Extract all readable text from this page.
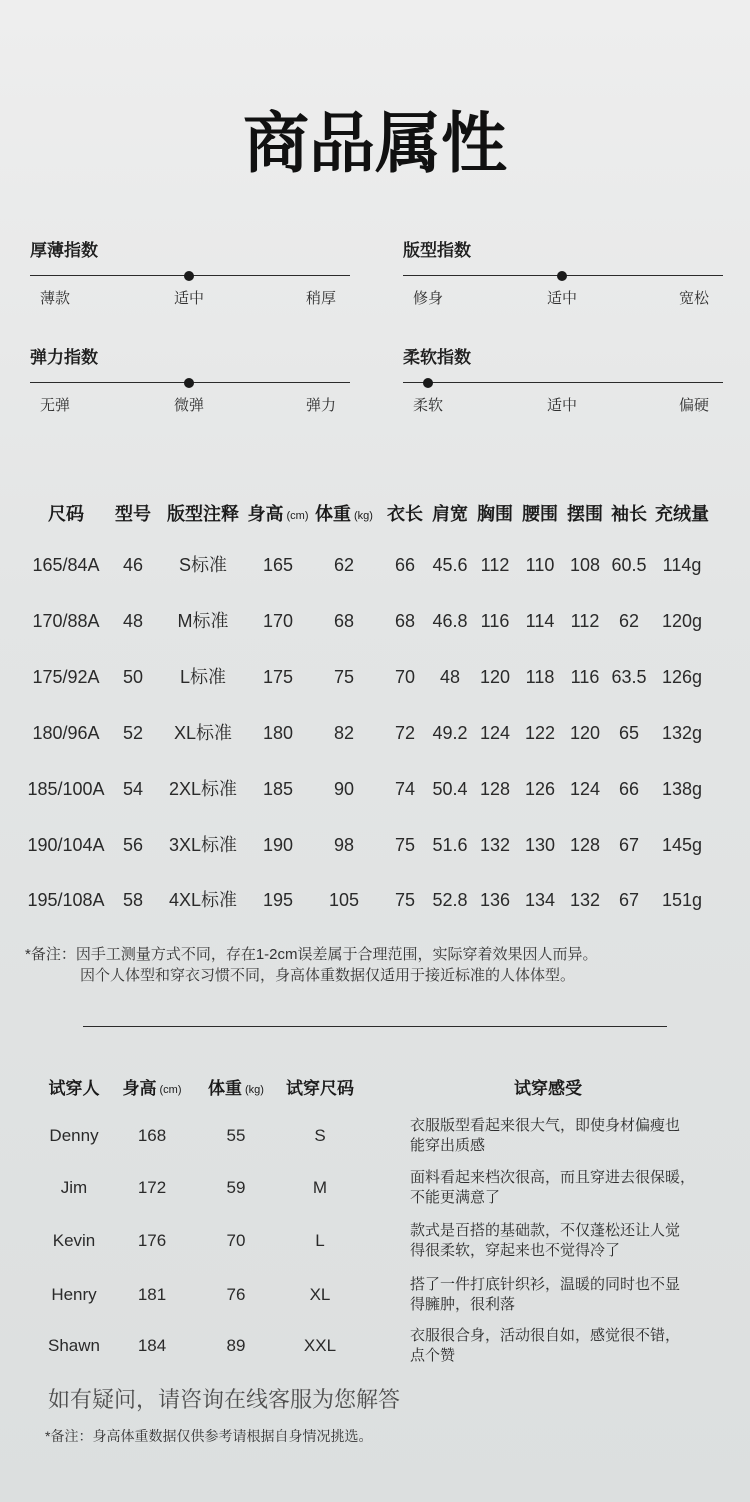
商品属性
厚薄指数
薄款	适中	稍厚
版型指数
修身	适中	宽松
弹力指数
无弹	微弹	弹力
柔软指数
柔软	适中	偏硬
尺码	型号 版型注释 身高 (cm) 体重 (kg) 衣长 肩宽 胸围 腰围 摆围 袖长 充绒量
165/84A	46	S标准	165	62	66 45.6 112 110 108 60.5 114g
170/88A	48	M标准	170	68	68 46.8 116 114 112	62	120g
175/92A	50	L标准	175	75	70	48	120 118 116 63.5 126g
180/96A	52	XL标准	180	82	72 49.2 124 122 120	65	132g
185/100A	54	2XL标准	185	90	74 50.4 128 126 124	66	138g
190/104A	56	3XL标准	190	98	75 51.6 132 130 128	67	145g
195/108A	58	4XL标准	195	105	75 52.8 136 134 132	67	151g
*备注：因手工测量方式不同，存在1-2cm误差属于合理范围，实际穿着效果因人而异。
因个人体型和穿衣习惯不同，身高体重数据仅适用于接近标准的人体体型。
试穿人	身高 (cm)	体重 (kg)	试穿尺码	试穿感受
Denny	168	55	S
衣服版型看起来很大气，即使身材偏瘦也
能穿出质感
Jim	172	59	M
面料看起来档次很高，而且穿进去很保暖，
不能更满意了
Kevin	176	70	L
款式是百搭的基础款，不仅蓬松还让人觉
得很柔软，穿起来也不觉得冷了
Henry	181	76	XL
搭了一件打底针织衫，温暖的同时也不显
得臃肿，很利落
Shawn	184	89	XXL
衣服很合身，活动很自如，感觉很不错，
点个赞
如有疑问，请咨询在线客服为您解答
*备注：身高体重数据仅供参考请根据自身情况挑选。
